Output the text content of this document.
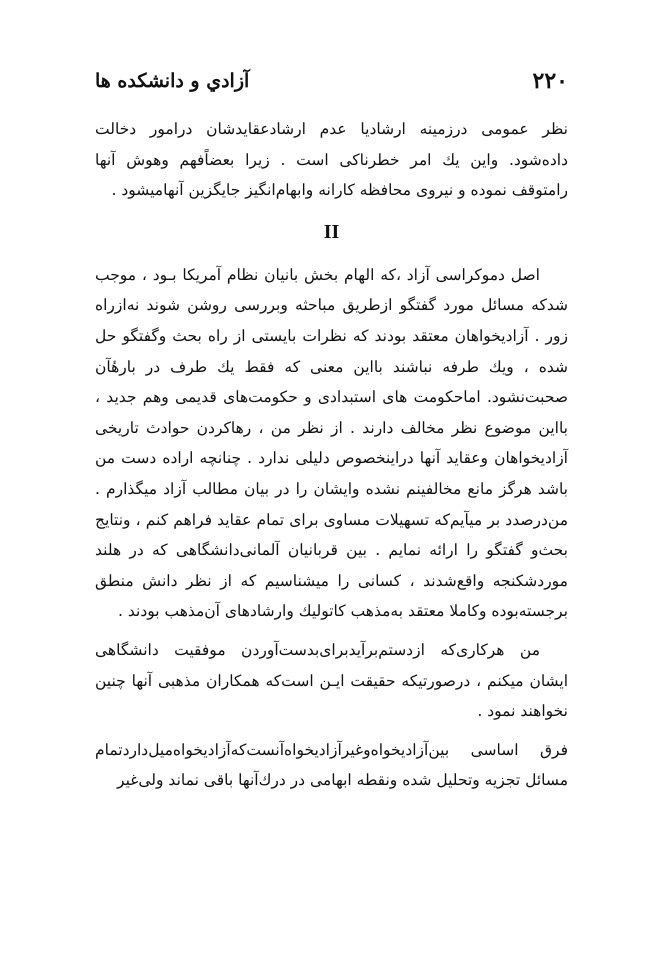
۲۲۰
آزادي و دانشكده ها

نظر عمومى درزمينه ارشاديا عدم ارشادعقايدشان درامور دخالت داده‌شود. واين يك امر خطرناكى است . زيرا بعضاًفهم وهوش آنها رامتوقف نموده و نيروى محافظه كارانه وابهام‌انگيز جايگزين آنهاميشود .

II

اصل دموكراسى آزاد ،كه الهام بخش بانيان نظام آمريكا بـود ، موجب شدكه مسائل مورد گفتگو ازطريق مباحثه وبررسى روشن شوند نه‌ازراه زور . آزاديخواهان معتقد بودند كه نظرات بايستى از راه بحث وگفتگو حل شده ، ويك طرفه نباشند بااين معنى كه فقط يك طرف در بارهٔآن صحبت‌نشود. اماحكومت هاى استبدادى و حكومت‌هاى قديمى وهم جديد ، بااين موضوع نظر مخالف دارند . از نظر من ، رهاكردن حوادث تاريخى آزاديخواهان وعقايد آنها دراينخصوص دليلى ندارد . چنانچه اراده دست من باشد هرگز مانع مخالفينم نشده وايشان را در بيان مطالب آزاد ميگذارم . من‌درصدد بر ميآيم‌كه تسهيلات مساوى براى تمام عقايد فراهم كنم ، ونتايج بحث‌و گفتگو را ارائه نمايم . بين قربانيان آلمانى‌دانشگاهى كه در هلند موردشكنجه واقع‌شدند ، كسانى را ميشناسيم كه از نظر دانش منطق برجسته‌بوده وكاملا معتقد به‌مذهب كاتوليك وارشادهاى آن‌مذهب بودند .

من هركارى‌كه ازدستم‌برآيدبراى‌بدست‌آوردن موفقيت دانشگاهى ايشان ميكنم ، درصورتيكه حقيقت ايـن است‌كه همكاران مذهبى آنها چنين نخواهند نمود .

فرق اساسى بين‌آزاديخواه‌وغير‌آزاديخواه‌آنست‌كه‌آزاديخواه‌ميل‌دارد‌تمام مسائل تجزيه وتحليل شده ونقطه ابهامى در درك‌آنها باقى نماند ولى‌غير
